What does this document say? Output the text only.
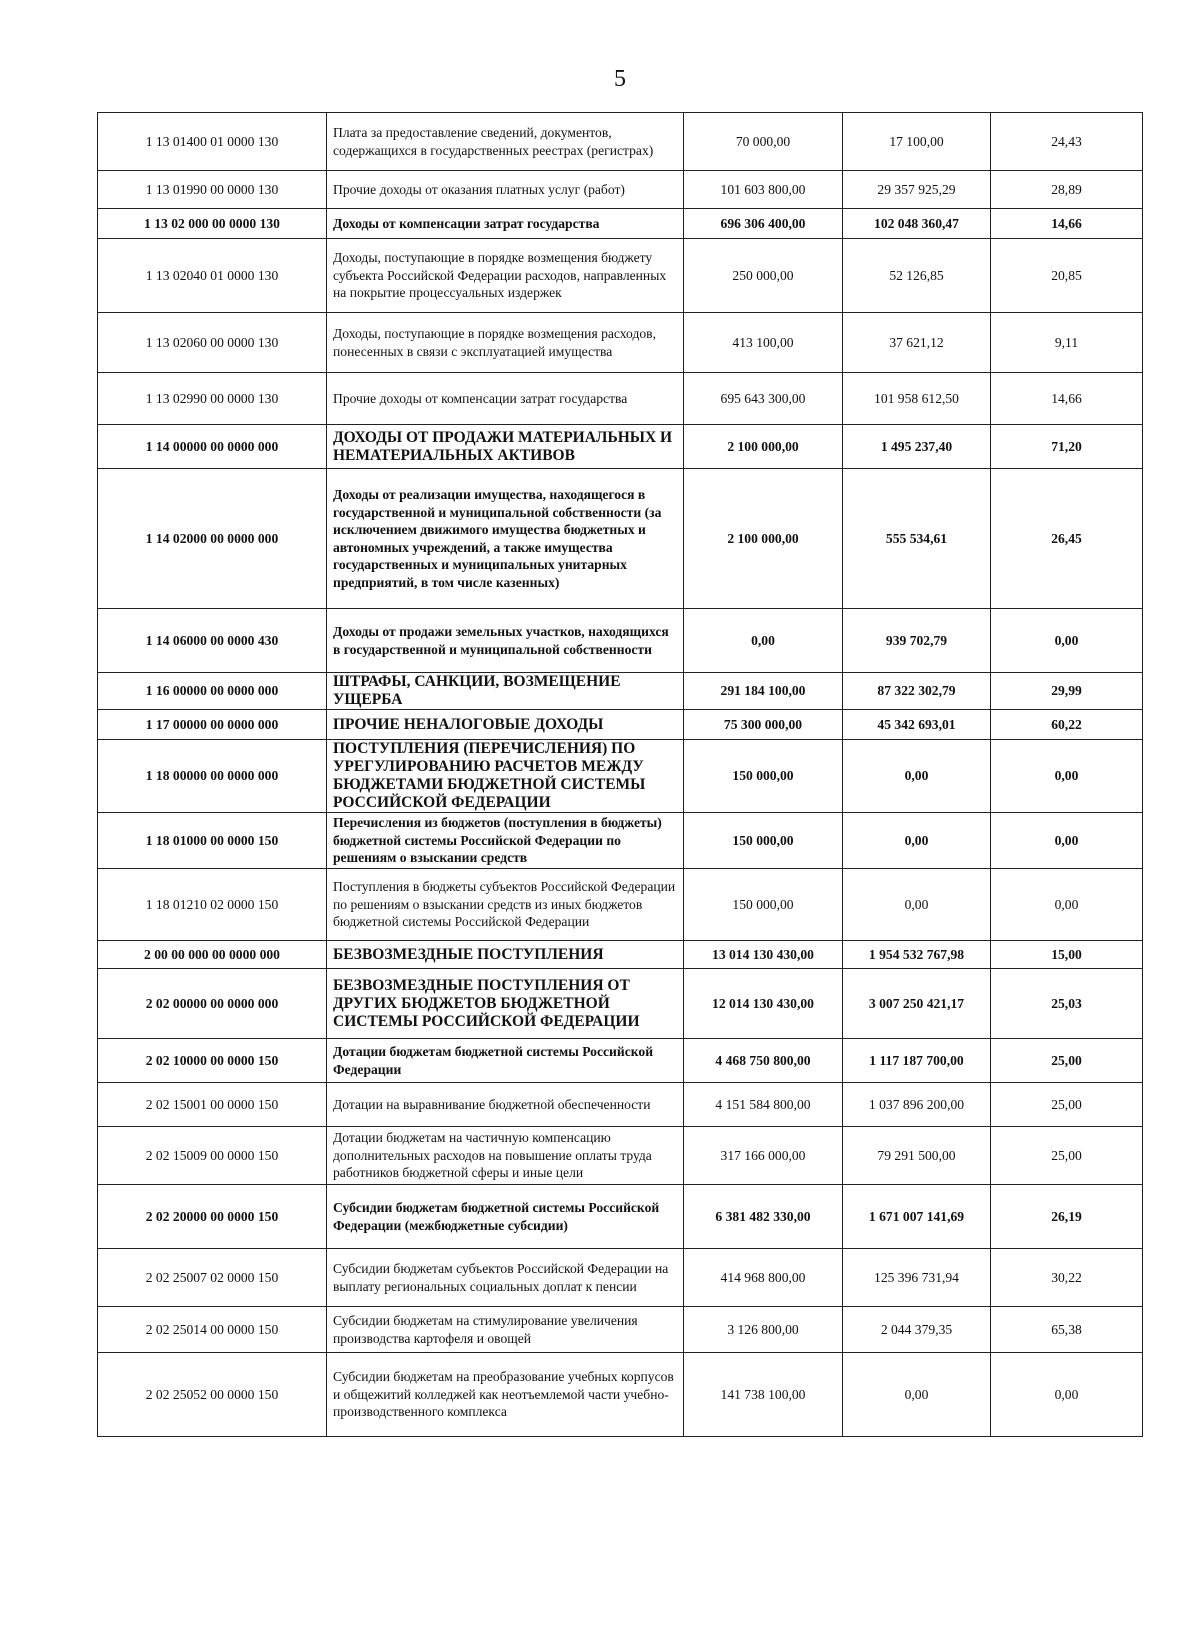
5
1 13 01400 01 0000 130	Плата за предоставление сведений, документов, содержащихся в государственных реестрах (регистрах)	70 000,00	17 100,00	24,43
1 13 01990 00 0000 130	Прочие доходы от оказания платных услуг (работ)	101 603 800,00	29 357 925,29	28,89
1 13 02 000 00 0000 130	Доходы от компенсации затрат государства	696 306 400,00	102 048 360,47	14,66
1 13 02040 01 0000 130	Доходы, поступающие в порядке возмещения бюджету субъекта Российской Федерации расходов, направленных на покрытие процессуальных издержек	250 000,00	52 126,85	20,85
1 13 02060 00 0000 130	Доходы, поступающие в порядке возмещения расходов, понесенных в связи с эксплуатацией имущества	413 100,00	37 621,12	9,11
1 13 02990 00 0000 130	Прочие доходы от компенсации затрат государства	695 643 300,00	101 958 612,50	14,66
1 14 00000 00 0000 000	ДОХОДЫ ОТ ПРОДАЖИ МАТЕРИАЛЬНЫХ И НЕМАТЕРИАЛЬНЫХ АКТИВОВ	2 100 000,00	1 495 237,40	71,20
1 14 02000 00 0000 000	Доходы от реализации имущества, находящегося в государственной и муниципальной собственности (за исключением движимого имущества бюджетных и автономных учреждений, а также имущества государственных и муниципальных унитарных предприятий, в том числе казенных)	2 100 000,00	555 534,61	26,45
1 14 06000 00 0000 430	Доходы от продажи земельных участков, находящихся в государственной и муниципальной собственности	0,00	939 702,79	0,00
1 16 00000 00 0000 000	ШТРАФЫ, САНКЦИИ, ВОЗМЕЩЕНИЕ УЩЕРБА	291 184 100,00	87 322 302,79	29,99
1 17 00000 00 0000 000	ПРОЧИЕ НЕНАЛОГОВЫЕ ДОХОДЫ	75 300 000,00	45 342 693,01	60,22
1 18 00000 00 0000 000	ПОСТУПЛЕНИЯ (ПЕРЕЧИСЛЕНИЯ) ПО УРЕГУЛИРОВАНИЮ РАСЧЕТОВ МЕЖДУ БЮДЖЕТАМИ БЮДЖЕТНОЙ СИСТЕМЫ РОССИЙСКОЙ ФЕДЕРАЦИИ	150 000,00	0,00	0,00
1 18 01000 00 0000 150	Перечисления из бюджетов (поступления в бюджеты) бюджетной системы Российской Федерации по решениям о взыскании средств	150 000,00	0,00	0,00
1 18 01210 02 0000 150	Поступления в бюджеты субъектов Российской Федерации по решениям о взыскании средств из иных бюджетов бюджетной системы Российской Федерации	150 000,00	0,00	0,00
2 00 00 000 00 0000 000	БЕЗВОЗМЕЗДНЫЕ ПОСТУПЛЕНИЯ	13 014 130 430,00	1 954 532 767,98	15,00
2 02 00000 00 0000 000	БЕЗВОЗМЕЗДНЫЕ ПОСТУПЛЕНИЯ ОТ ДРУГИХ БЮДЖЕТОВ БЮДЖЕТНОЙ СИСТЕМЫ РОССИЙСКОЙ ФЕДЕРАЦИИ	12 014 130 430,00	3 007 250 421,17	25,03
2 02 10000 00 0000 150	Дотации бюджетам бюджетной системы Российской Федерации	4 468 750 800,00	1 117 187 700,00	25,00
2 02 15001 00 0000 150	Дотации на выравнивание бюджетной обеспеченности	4 151 584 800,00	1 037 896 200,00	25,00
2 02 15009 00 0000 150	Дотации бюджетам на частичную компенсацию дополнительных расходов на повышение оплаты труда работников бюджетной сферы и иные цели	317 166 000,00	79 291 500,00	25,00
2 02 20000 00 0000 150	Субсидии бюджетам бюджетной системы Российской Федерации (межбюджетные субсидии)	6 381 482 330,00	1 671 007 141,69	26,19
2 02 25007 02 0000 150	Субсидии бюджетам субъектов Российской Федерации на выплату региональных социальных доплат к пенсии	414 968 800,00	125 396 731,94	30,22
2 02 25014 00 0000 150	Субсидии бюджетам на стимулирование увеличения производства картофеля и овощей	3 126 800,00	2 044 379,35	65,38
2 02 25052 00 0000 150	Субсидии бюджетам на преобразование учебных корпусов и общежитий колледжей как неотъемлемой части учебно-производственного комплекса	141 738 100,00	0,00	0,00
